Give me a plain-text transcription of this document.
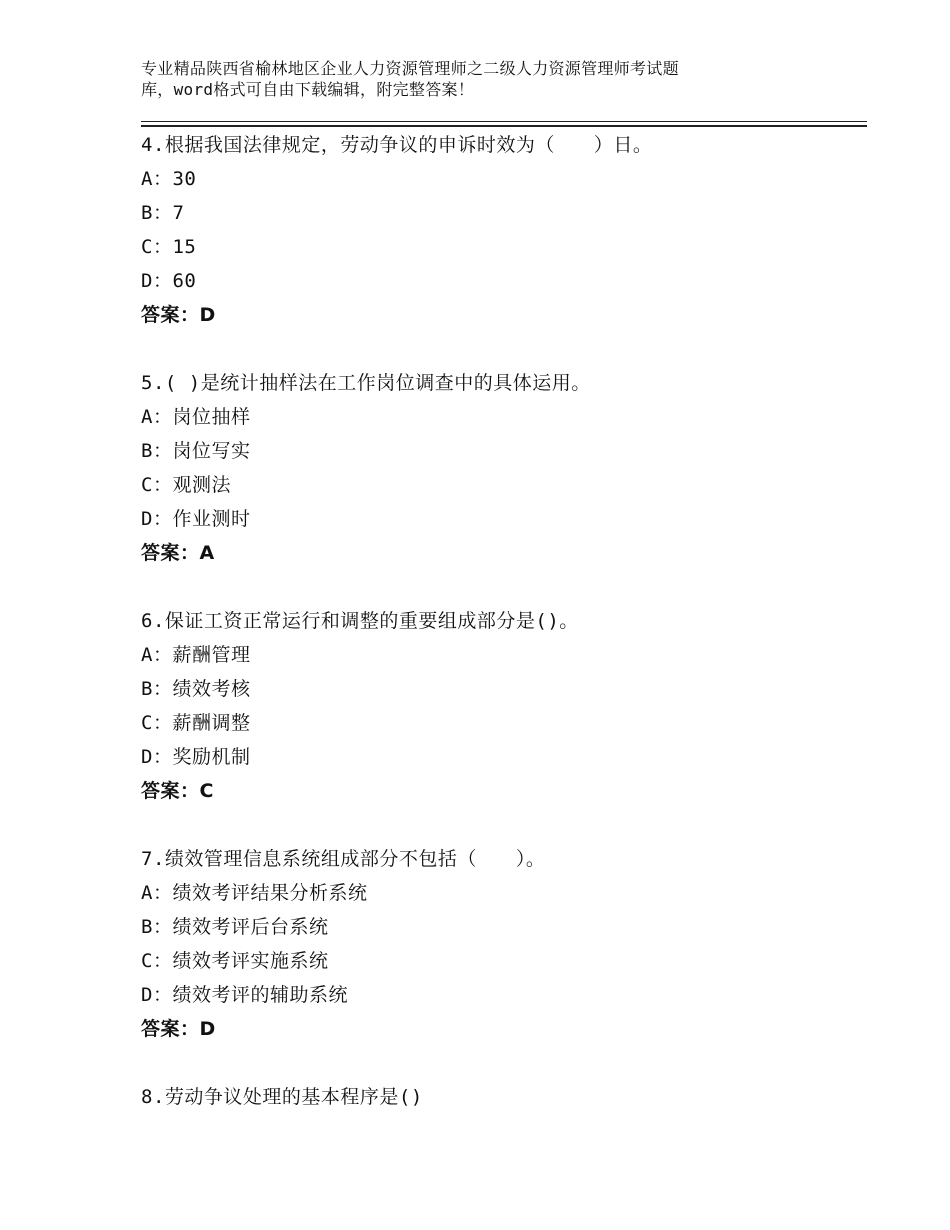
专业精品陕西省榆林地区企业人力资源管理师之二级人力资源管理师考试题
库，word格式可自由下载编辑，附完整答案！
4.根据我国法律规定，劳动争议的申诉时效为（　　）日。
A：30
B：7
C：15
D：60
答案：D
5.( )是统计抽样法在工作岗位调查中的具体运用。
A：岗位抽样
B：岗位写实
C：观测法
D：作业测时
答案：A
6.保证工资正常运行和调整的重要组成部分是()。
A：薪酬管理
B：绩效考核
C：薪酬调整
D：奖励机制
答案：C
7.绩效管理信息系统组成部分不包括（　　）。
A：绩效考评结果分析系统
B：绩效考评后台系统
C：绩效考评实施系统
D：绩效考评的辅助系统
答案：D
8.劳动争议处理的基本程序是()
